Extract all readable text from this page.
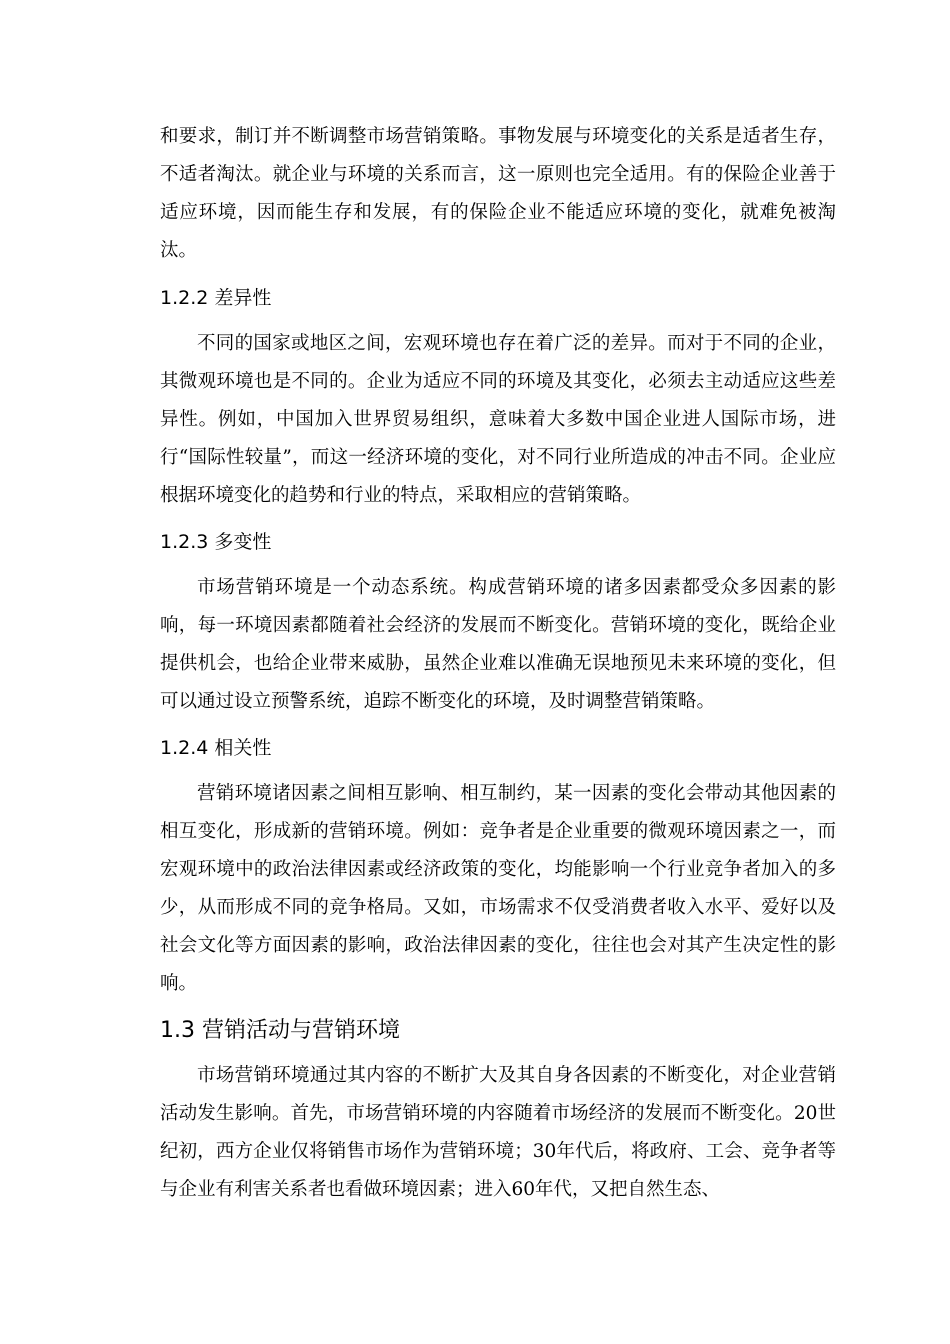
和要求，制订并不断调整市场营销策略。事物发展与环境变化的关系是适者生存，不适者淘汰。就企业与环境的关系而言，这一原则也完全适用。有的保险企业善于适应环境，因而能生存和发展，有的保险企业不能适应环境的变化，就难免被淘汰。

1.2.2 差异性

不同的国家或地区之间，宏观环境也存在着广泛的差异。而对于不同的企业，其微观环境也是不同的。企业为适应不同的环境及其变化，必须去主动适应这些差异性。例如，中国加入世界贸易组织，意味着大多数中国企业进人国际市场，进行“国际性较量”，而这一经济环境的变化，对不同行业所造成的冲击不同。企业应根据环境变化的趋势和行业的特点，采取相应的营销策略。

1.2.3 多变性

市场营销环境是一个动态系统。构成营销环境的诸多因素都受众多因素的影响，每一环境因素都随着社会经济的发展而不断变化。营销环境的变化，既给企业提供机会，也给企业带来威胁，虽然企业难以准确无误地预见未来环境的变化，但可以通过设立预警系统，追踪不断变化的环境，及时调整营销策略。

1.2.4 相关性

营销环境诸因素之间相互影响、相互制约，某一因素的变化会带动其他因素的相互变化，形成新的营销环境。例如：竞争者是企业重要的微观环境因素之一，而宏观环境中的政治法律因素或经济政策的变化，均能影响一个行业竞争者加入的多少，从而形成不同的竞争格局。又如，市场需求不仅受消费者收入水平、爱好以及社会文化等方面因素的影响，政治法律因素的变化，往往也会对其产生决定性的影响。

1.3 营销活动与营销环境

市场营销环境通过其内容的不断扩大及其自身各因素的不断变化，对企业营销活动发生影响。首先，市场营销环境的内容随着市场经济的发展而不断变化。20世纪初，西方企业仅将销售市场作为营销环境；30年代后，将政府、工会、竞争者等与企业有利害关系者也看做环境因素；进入60年代，又把自然生态、
